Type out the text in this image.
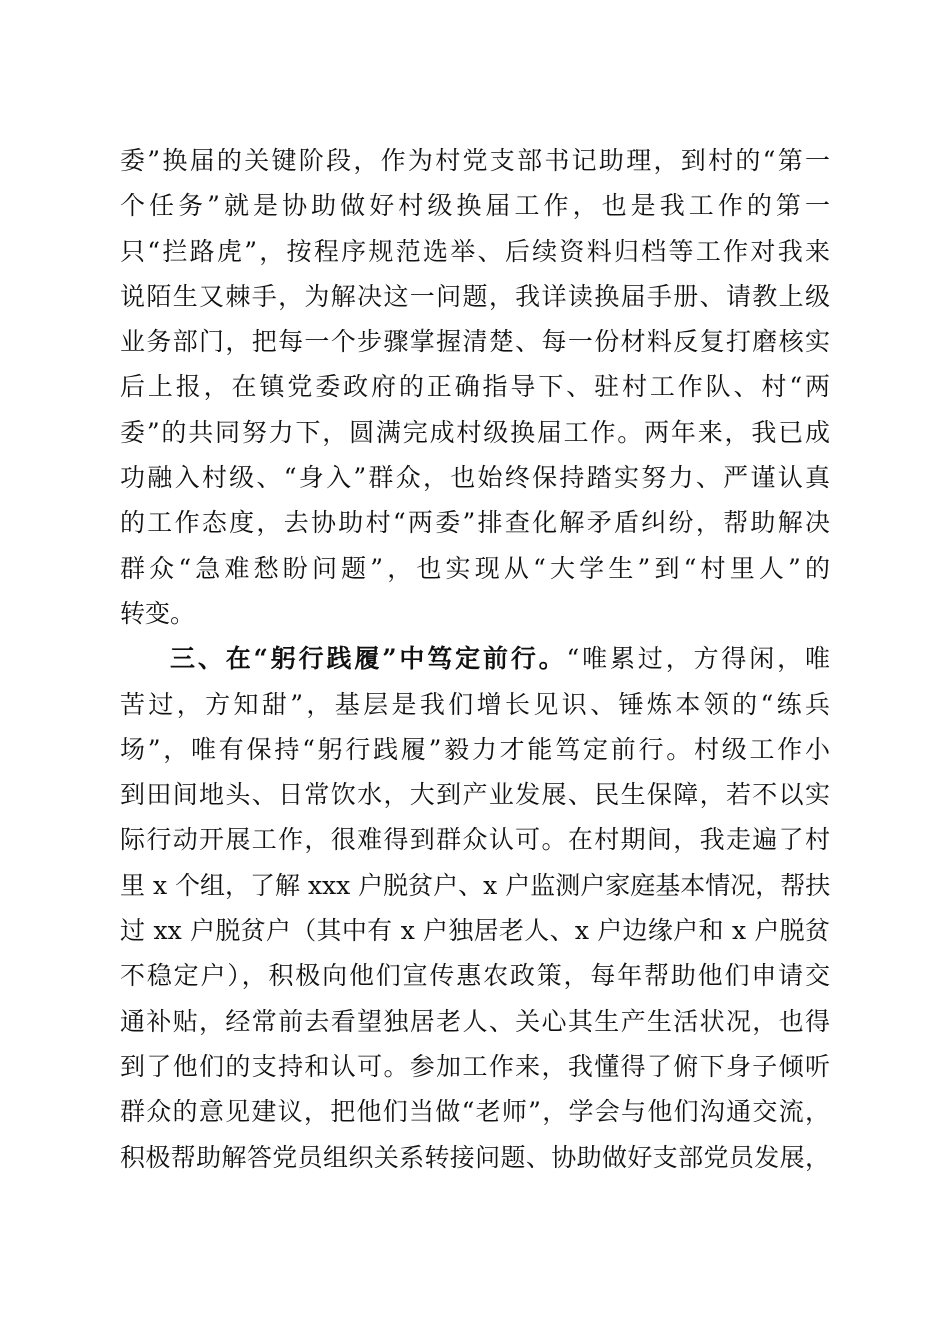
委”换届的关键阶段，作为村党支部书记助理，到村的“第一
个任务”就是协助做好村级换届工作，也是我工作的第一
只“拦路虎”，按程序规范选举、后续资料归档等工作对我来
说陌生又棘手，为解决这一问题，我详读换届手册、请教上级
业务部门，把每一个步骤掌握清楚、每一份材料反复打磨核实
后上报，在镇党委政府的正确指导下、驻村工作队、村“两
委”的共同努力下，圆满完成村级换届工作。两年来，我已成
功融入村级、“身入”群众，也始终保持踏实努力、严谨认真
的工作态度，去协助村“两委”排查化解矛盾纠纷，帮助解决
群众“急难愁盼问题”，也实现从“大学生”到“村里人”的
转变。
三、在“躬行践履”中笃定前行。“唯累过，方得闲，唯
苦过，方知甜”，基层是我们增长见识、锤炼本领的“练兵
场”，唯有保持“躬行践履”毅力才能笃定前行。村级工作小
到田间地头、日常饮水，大到产业发展、民生保障，若不以实
际行动开展工作，很难得到群众认可。在村期间，我走遍了村
里 x 个组，了解 xxx 户脱贫户、x 户监测户家庭基本情况，帮扶
过 xx 户脱贫户（其中有 x 户独居老人、x 户边缘户和 x 户脱贫
不稳定户），积极向他们宣传惠农政策，每年帮助他们申请交
通补贴，经常前去看望独居老人、关心其生产生活状况，也得
到了他们的支持和认可。参加工作来，我懂得了俯下身子倾听
群众的意见建议，把他们当做“老师”，学会与他们沟通交流，
积极帮助解答党员组织关系转接问题、协助做好支部党员发展，
